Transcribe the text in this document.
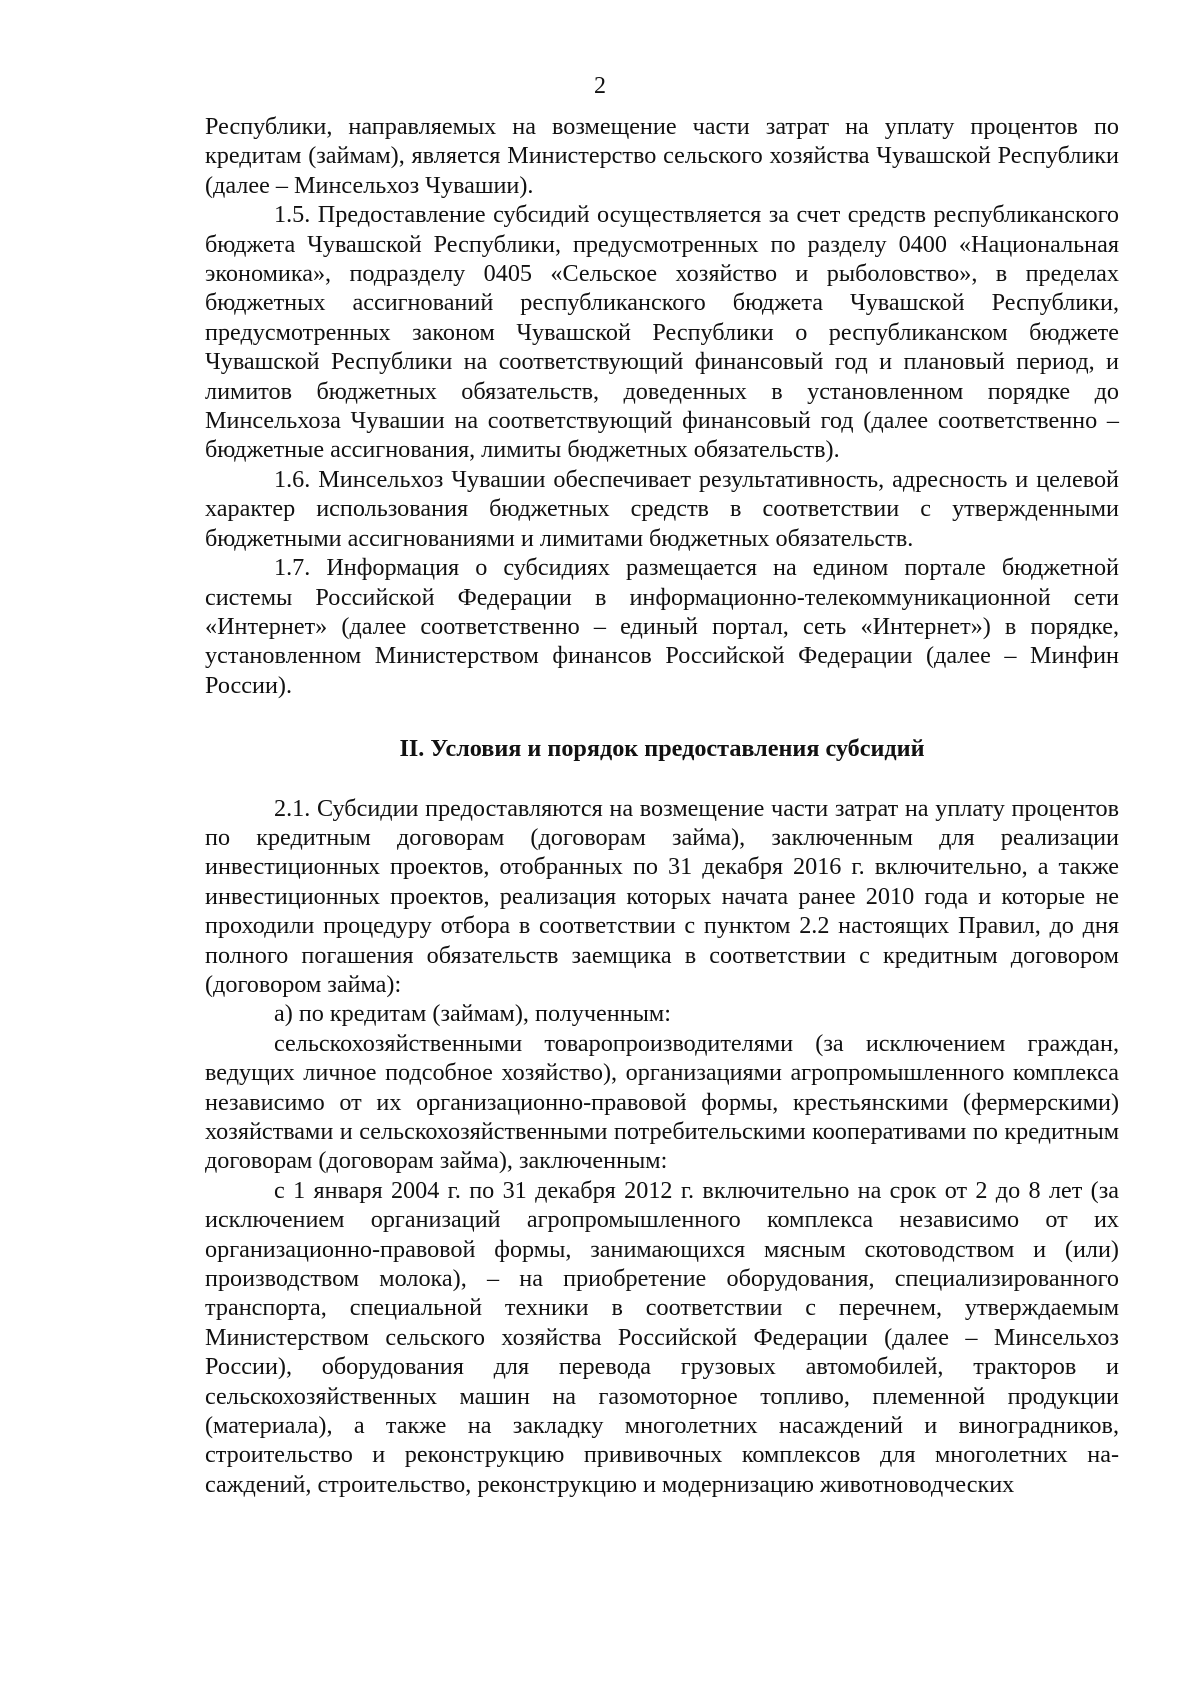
2

Республики, направляемых на возмещение части затрат на уплату процентов по кредитам (займам), является Министерство сельского хозяйства Чувашской Республики (далее – Минсельхоз Чувашии).

1.5. Предоставление субсидий осуществляется за счет средств республиканского бюджета Чувашской Республики, предусмотренных по разделу 0400 «Национальная экономика», подразделу 0405 «Сельское хозяйство и рыболовство», в пределах бюджетных ассигнований республиканского бюджета Чувашской Республики, предусмотренных законом Чувашской Республики о республиканском бюджете Чувашской Республики на соответствующий финансовый год и плановый период, и лимитов бюджетных обязательств, доведенных в установленном порядке до Минсельхоза Чувашии на соответствующий финансовый год (далее соответственно – бюджетные ассигнования, лимиты бюджетных обязательств).

1.6. Минсельхоз Чувашии обеспечивает результативность, адресность и целевой характер использования бюджетных средств в соответствии с утвержденными бюджетными ассигнованиями и лимитами бюджетных обязательств.

1.7. Информация о субсидиях размещается на едином портале бюджетной системы Российской Федерации в информационно-телекоммуникационной сети «Интернет» (далее соответственно – единый портал, сеть «Интернет») в порядке, установленном Министерством финансов Российской Федерации (далее – Минфин России).

II. Условия и порядок предоставления субсидий

2.1. Субсидии предоставляются на возмещение части затрат на уплату процентов по кредитным договорам (договорам займа), заключенным для реализации инвестиционных проектов, отобранных по 31 декабря 2016 г. включительно, а также инвестиционных проектов, реализация которых начата ранее 2010 года и которые не проходили процедуру отбора в соответствии с пунктом 2.2 настоящих Правил, до дня полного погашения обязательств заемщика в соответствии с кредитным договором (договором займа):

а) по кредитам (займам), полученным:

сельскохозяйственными товаропроизводителями (за исключением граждан, ведущих личное подсобное хозяйство), организациями агропромышленного комплекса независимо от их организационно-правовой формы, крестьянскими (фермерскими) хозяйствами и сельскохозяйственными потребительскими кооперативами по кредитным договорам (договорам займа), заключенным:

с 1 января 2004 г. по 31 декабря 2012 г. включительно на срок от 2 до 8 лет (за исключением организаций агропромышленного комплекса независимо от их организационно-правовой формы, занимающихся мясным скотоводством и (или) производством молока), – на приобретение оборудования, специализированного транспорта, специальной техники в соответствии с перечнем, утверждаемым Министерством сельского хозяйства Российской Федерации (далее – Минсельхоз России), оборудования для перевода грузовых автомобилей, тракторов и сельскохозяйственных машин на газомоторное топливо, племенной продукции (материала), а также на закладку многолетних насаждений и виноградников, строительство и реконструкцию прививочных комплексов для многолетних насаждений, строительство, реконструкцию и модернизацию животноводческих
